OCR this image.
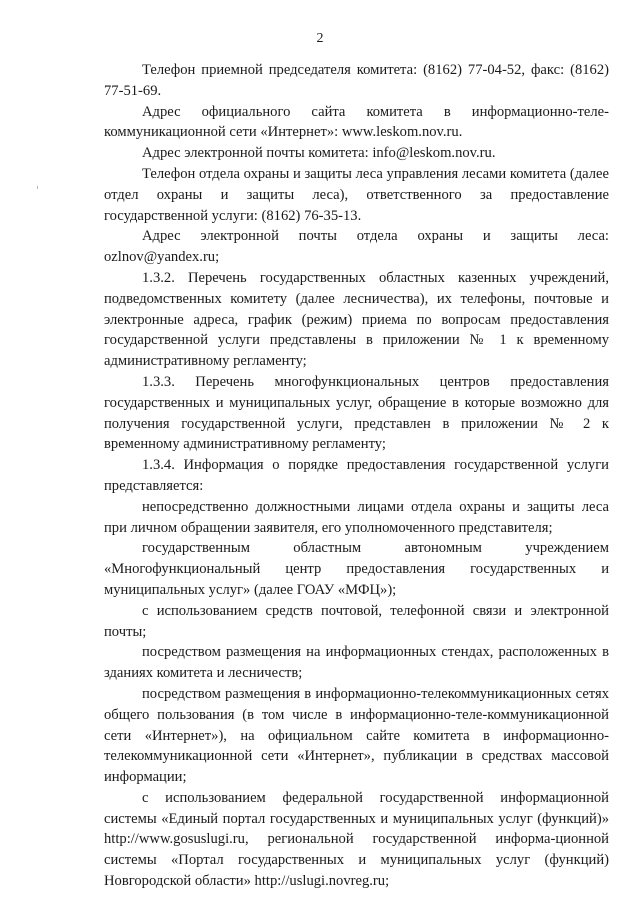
2

Телефон приемной председателя комитета: (8162) 77-04-52, факс: (8162) 77-51-69.

Адрес официального сайта комитета в информационно-теле-коммуникационной сети «Интернет»: www.leskom.nov.ru.

Адрес электронной почты комитета: info@leskom.nov.ru.

Телефон отдела охраны и защиты леса управления лесами комитета (далее отдел охраны и защиты леса), ответственного за предоставление государственной услуги: (8162) 76-35-13.

Адрес электронной почты отдела охраны и защиты леса: ozlnov@yandex.ru;

1.3.2. Перечень государственных областных казенных учреждений, подведомственных комитету (далее лесничества), их телефоны, почтовые и электронные адреса, график (режим) приема по вопросам предоставления государственной услуги представлены в приложении № 1 к временному административному регламенту;

1.3.3. Перечень многофункциональных центров предоставления государственных и муниципальных услуг, обращение в которые возможно для получения государственной услуги, представлен в приложении № 2 к временному административному регламенту;

1.3.4. Информация о порядке предоставления государственной услуги представляется:

непосредственно должностными лицами отдела охраны и защиты леса при личном обращении заявителя, его уполномоченного представителя;

государственным областным автономным учреждением «Многофункциональный центр предоставления государственных и муниципальных услуг» (далее ГОАУ «МФЦ»);

с использованием средств почтовой, телефонной связи и электронной почты;

посредством размещения на информационных стендах, расположенных в зданиях комитета и лесничеств;

посредством размещения в информационно-телекоммуникационных сетях общего пользования (в том числе в информационно-теле-коммуникационной сети «Интернет»), на официальном сайте комитета в информационно-телекоммуникационной сети «Интернет», публикации в средствах массовой информации;

с использованием федеральной государственной информационной системы «Единый портал государственных и муниципальных услуг (функций)» http://www.gosuslugi.ru, региональной государственной информа-ционной системы «Портал государственных и муниципальных услуг (функций) Новгородской области» http://uslugi.novreg.ru;
